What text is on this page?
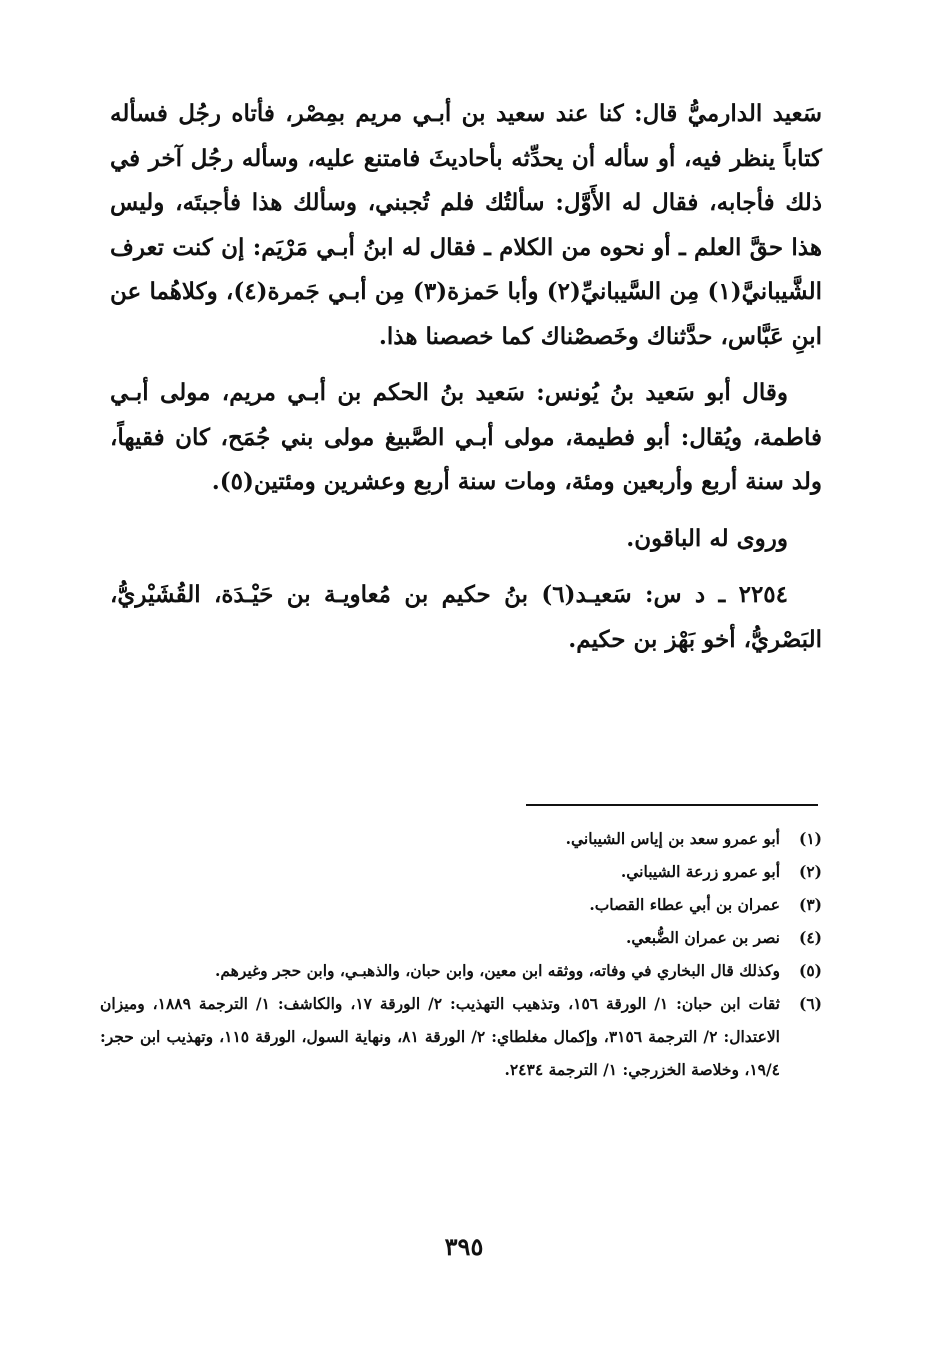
سَعيد الدارميُّ قال: كنا عند سعيد بن أبـي مريم بمِصْر، فأتاه رجُل فسأله كتاباً ينظر فيه، أو سأله أن يحدِّثه بأحاديثَ فامتنع عليه، وسأله رجُل آخر في ذلك فأجابه، فقال له الأَوَّل: سألتُك فلم تُجبني، وسألك هذا فأجبتَه، وليس هذا حقَّ العلم ـ أو نحوه من الكلام ـ فقال له ابنُ أبـي مَرْيَم: إن كنت تعرف الشَّيبانيَّ(١) مِن السَّيبانيِّ(٢) وأبا حَمزة(٣) مِن أبـي جَمرة(٤)، وكلاهُما عن ابنِ عَبَّاس، حدَّثناك وخَصصْناك كما خصصنا هذا.

وقال أبو سَعيد بنُ يُونس: سَعيد بنُ الحكم بن أبـي مريم، مولى أبـي فاطمة، ويُقال: أبو فطيمة، مولى أبـي الصَّبيغ مولى بني جُمَح، كان فقيهاً، ولد سنة أربع وأربعين ومئة، ومات سنة أربع وعشرين ومئتين(٥).

وروى له الباقون.

٢٢٥٤ ـ د س: سَعيـد(٦) بنُ حكيم بن مُعاويـة بن حَيْـدَة، القُشَيْريُّ، البَصْريُّ، أخو بَهْز بن حكيم.

(١)
أبو عمرو سعد بن إياس الشيباني.
(٢)
أبو عمرو زرعة الشيباني.
(٣)
عمران بن أبي عطاء القصاب.
(٤)
نصر بن عمران الضُّبعي.
(٥)
وكذلك قال البخاري في وفاته، ووثقه ابن معين، وابن حبان، والذهبـي، وابن حجر وغيرهم.
(٦)
ثقات ابن حبان: ١/ الورقة ١٥٦، وتذهيب التهذيب: ٢/ الورقة ١٧، والكاشف: ١/ الترجمة ١٨٨٩، وميزان الاعتدال: ٢/ الترجمة ٣١٥٦، وإكمال مغلطاي: ٢/ الورقة ٨١، ونهاية السول، الورقة ١١٥، وتهذيب ابن حجر: ١٩/٤، وخلاصة الخزرجي: ١/ الترجمة ٢٤٣٤.
٣٩٥
